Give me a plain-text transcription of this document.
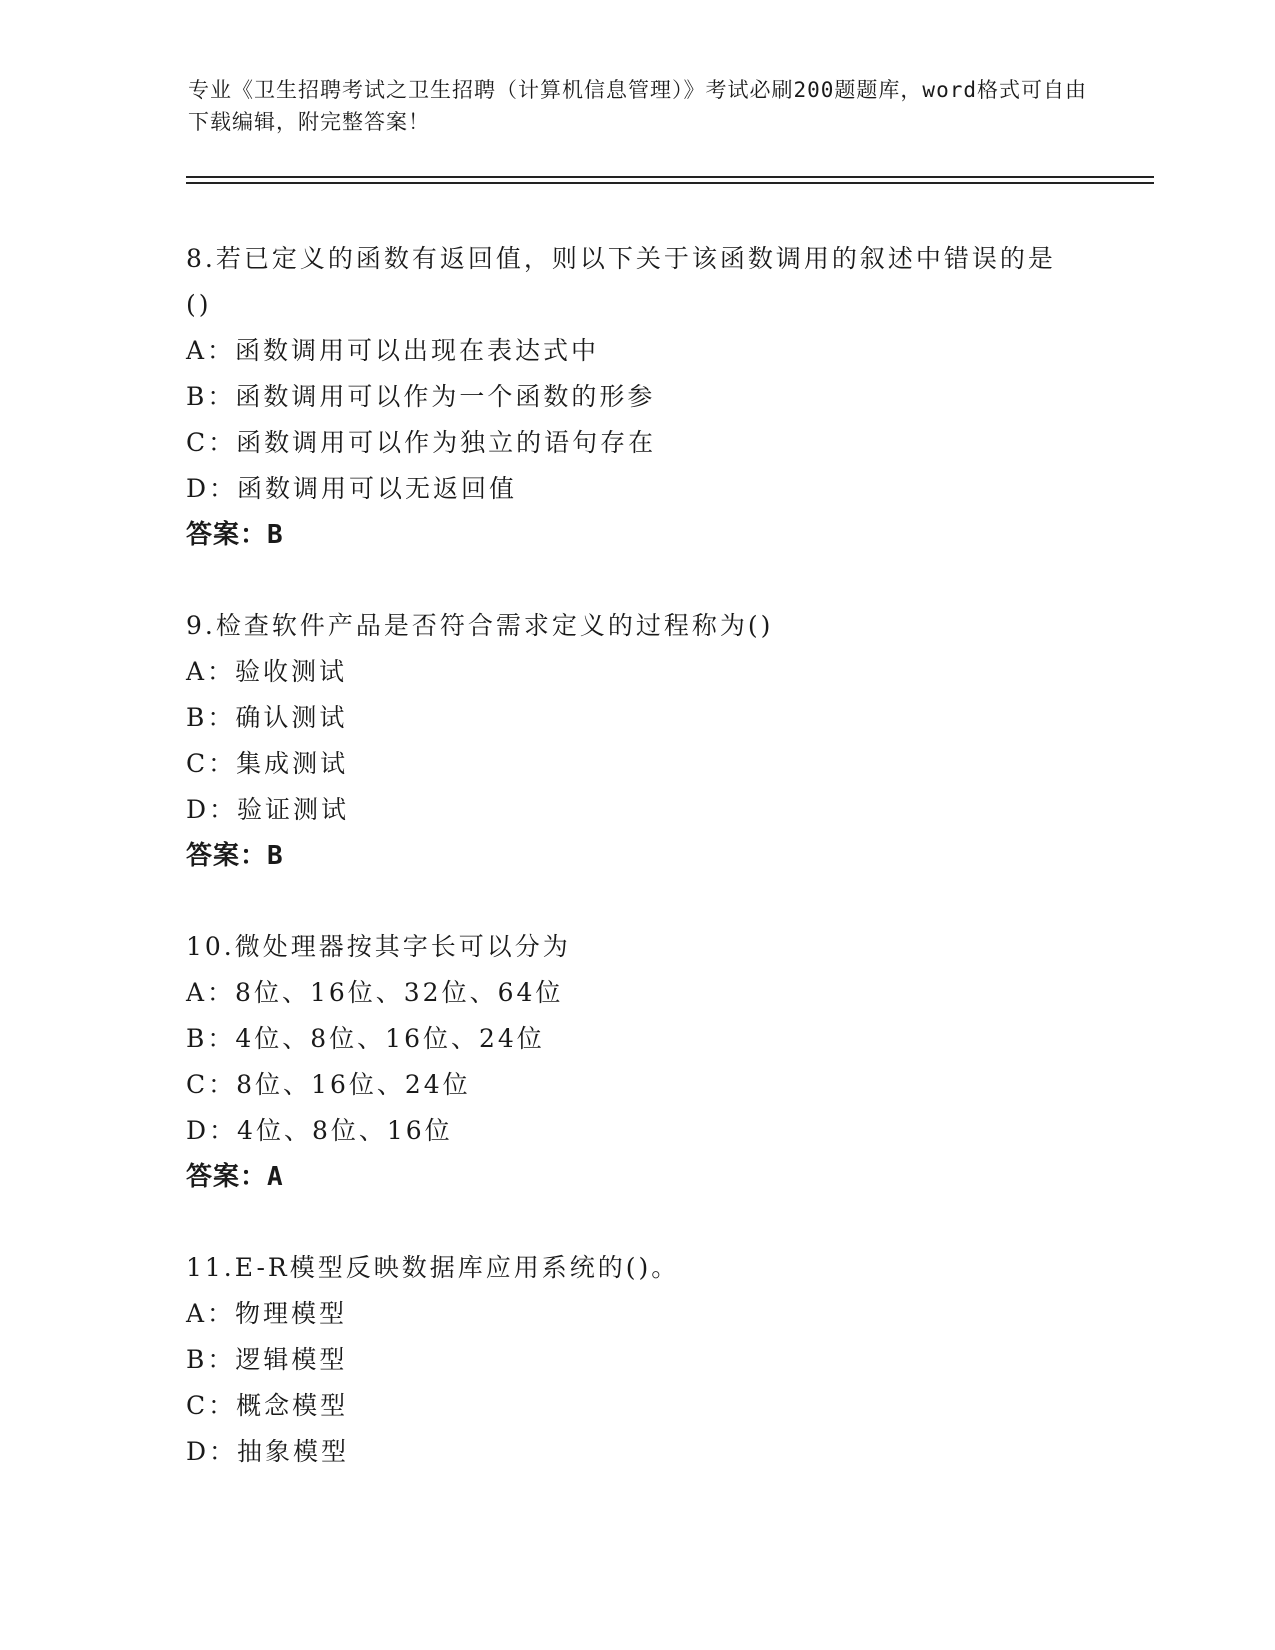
专业《卫生招聘考试之卫生招聘（计算机信息管理）》考试必刷200题题库，word格式可自由下载编辑，附完整答案！

8.若已定义的函数有返回值，则以下关于该函数调用的叙述中错误的是()

A：函数调用可以出现在表达式中

B：函数调用可以作为一个函数的形参

C：函数调用可以作为独立的语句存在

D：函数调用可以无返回值

答案：B

9.检查软件产品是否符合需求定义的过程称为()

A：验收测试

B：确认测试

C：集成测试

D：验证测试

答案：B

10.微处理器按其字长可以分为

A：8位、16位、32位、64位

B：4位、8位、16位、24位

C：8位、16位、24位

D：4位、8位、16位

答案：A

11.E-R模型反映数据库应用系统的()。

A：物理模型

B：逻辑模型

C：概念模型

D：抽象模型
